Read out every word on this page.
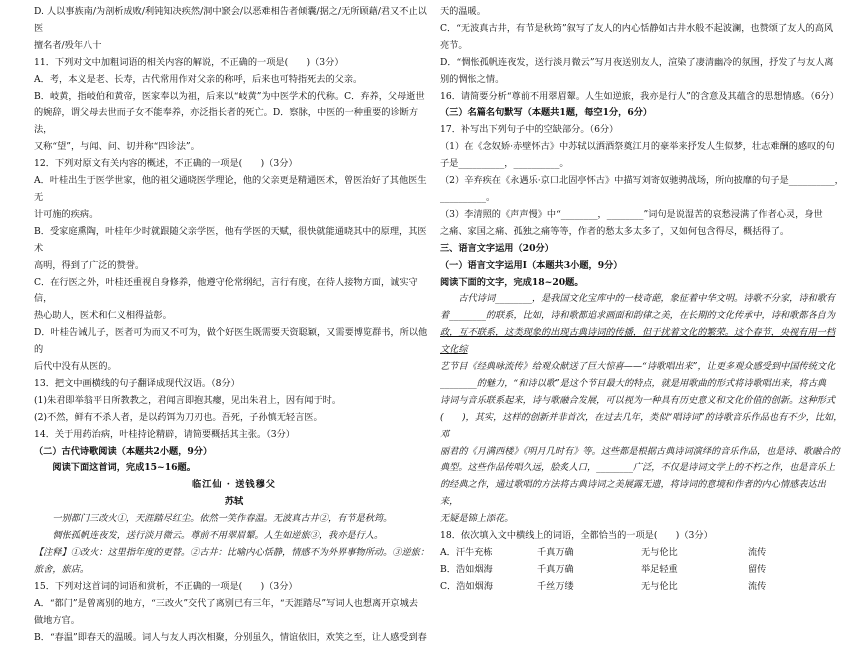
D. 人以事族南/为剖析成败/利钝知决疾然/洞中窾会/以恶难相告者倾囊/据之/无所顾藉/君又不止以医

擅名者/殁年八十

11．下列对文中加粗词语的相关内容的解说，不正确的一项是(　　)（3分）

A．考，本义是老、长寿，古代常用作对父亲的称呼，后来也可特指死去的父亲。

B．岐黄，指岐伯和黄帝，医家奉以为祖，后来以“岐黄”为中医学术的代称。C．弃养，父母逝世

的婉辞，谓父母去世而子女不能奉养，亦泛指长者的死亡。D．察脉，中医的一种重要的诊断方法，

又称“望”，与闻、问、切并称“四诊法”。

12．下列对原文有关内容的概述，不正确的一项是(　　)（3分）

A．叶桂出生于医学世家，他的祖父通晓医学理论，他的父亲更是精通医术，曾医治好了其他医生无

计可施的疾病。

B．受家庭熏陶，叶桂年少时就跟随父亲学医，他有学医的天赋，很快就能通晓其中的原理，其医术

高明，得到了广泛的赞誉。

C．在行医之外，叶桂还重视自身修养，他遵守伦常纲纪，言行有度，在待人接物方面，诚实守信，

热心助人，医术和仁义相得益彰。

D．叶桂告诫儿子，医者可为而又不可为，做个好医生既需要天资聪颖，又需要博览群书，所以他的

后代中没有从医的。

13．把文中画横线的句子翻译成现代汉语。（8分）

(1)朱君即举翁平日所教教之，君闻言即抱其瘿，见出朱君上，因有闻于时。

(2)不然，鲜有不杀人者，是以药饵为刀刃也。吾死，子孙慎无轻言医。

14．关于用药治病，叶桂持论精辟，请简要概括其主张。（3分）

（二）古代诗歌阅读（本题共2小题，9分）

阅读下面这首词，完成15~16题。

临江仙 · 送钱穆父

苏轼

一别都门三改火①，天涯踏尽红尘。依然一笑作春温。无波真古井②，有节是秋筠。

惆怅孤帆连夜发，送行淡月微云。尊前不用翠眉颦。人生如逆旅③，我亦是行人。

【注释】①改火：这里指年度的更替。②古井：比喻内心恬静，情感不为外界事物所动。③逆旅：

旅舍，旅店。

15．下列对这首词的词语和赏析，不正确的一项是(　　)（3分）

A．“都门”是曾离别的地方，“三改火”交代了离别已有三年，“天涯踏尽”写词人也想离开京城去

做地方官。

B．“春温”即春天的温暖。词人与友人再次相聚，分别虽久，情谊依旧，欢笑之至，让人感受到春

天的温暖。

C．“无波真古井，有节是秋筠”叙写了友人的内心恬静如古井水般不起波澜，也赞颂了友人的高风

亮节。

D．“惆怅孤帆连夜发，送行淡月微云”写月夜送别友人，渲染了凄清幽冷的氛围，抒发了与友人离

别的惆怅之情。

16．请简要分析“尊前不用翠眉颦。人生如逆旅，我亦是行人”的含意及其蕴含的思想情感。（6分）

（三）名篇名句默写（本题共1题，每空1分，6分）

17．补写出下列句子中的空缺部分。（6分）

（1）在《念奴娇·赤壁怀古》中苏轼以洒酒祭奠江月的豪举来抒发人生似梦，壮志难酬的感叹的句

子是__________，__________。

（2）辛弃疾在《永遇乐·京口北固亭怀古》中描写刘寄奴驰骋战场，所向披靡的句子是__________，

__________。

（3）李清照的《声声慢》中“________，________”词句是说湿苦的哀愁浸满了作者心灵，身世

之痛、家国之痛、孤独之痛等等，作者的愁太多太多了，又如何包含得尽，概括得了。

三、语言文字运用（20分）

（一）语言文字运用Ⅰ（本题共3小题，9分）

阅读下面的文字，完成18~20题。

古代诗词________，是我国文化宝库中的一枝奇葩，象征着中华文明。诗歌不分家，诗和歌有

着________的联系，比如，诗和歌都追求画面和韵律之美，在长期的文化传承中，诗和歌都各自为

政，互不联系，这类现象的出现古典诗词的传播，但于扰着文化的繁荣。这个春节，央视有用一档文化综

艺节目《经典咏流传》给观众献送了巨大惊喜——“诗歌唱出来”，让更多观众感受到中国传统文化

________的魅力，“和诗以歌”是这个节目最大的特点，就是用歌曲的形式将诗歌唱出来，将古典

诗词与音乐联系起来，诗与歌融合发展，可以视为一种具有历史意义和文化价值的创新。这种形式

(　　)，其实，这样的创新并非首次，在过去几年，类似“唱诗词”的诗歌音乐作品也有不少，比如，邓

丽君的《月满西楼》《明月几时有》等。这些都是根据古典诗词演绎的音乐作品，也是诗、歌融合的

典型。这些作品传唱久远，脍炙人口，________广泛，不仅是诗词文学上的不朽之作，也是音乐上

的经典之作，通过歌唱的方法将古典诗词之美展露无遗，将诗词的意境和作者的内心情感表达出来，

无疑是锦上添花。

18．依次填入文中横线上的词语，全都恰当的一项是(　　)（3分）

A．汗牛充栋	千真万确	无与伦比	流传
B．浩如烟海	千真万确	举足轻重	留传
C．浩如烟海	千丝万缕	无与伦比	流传
